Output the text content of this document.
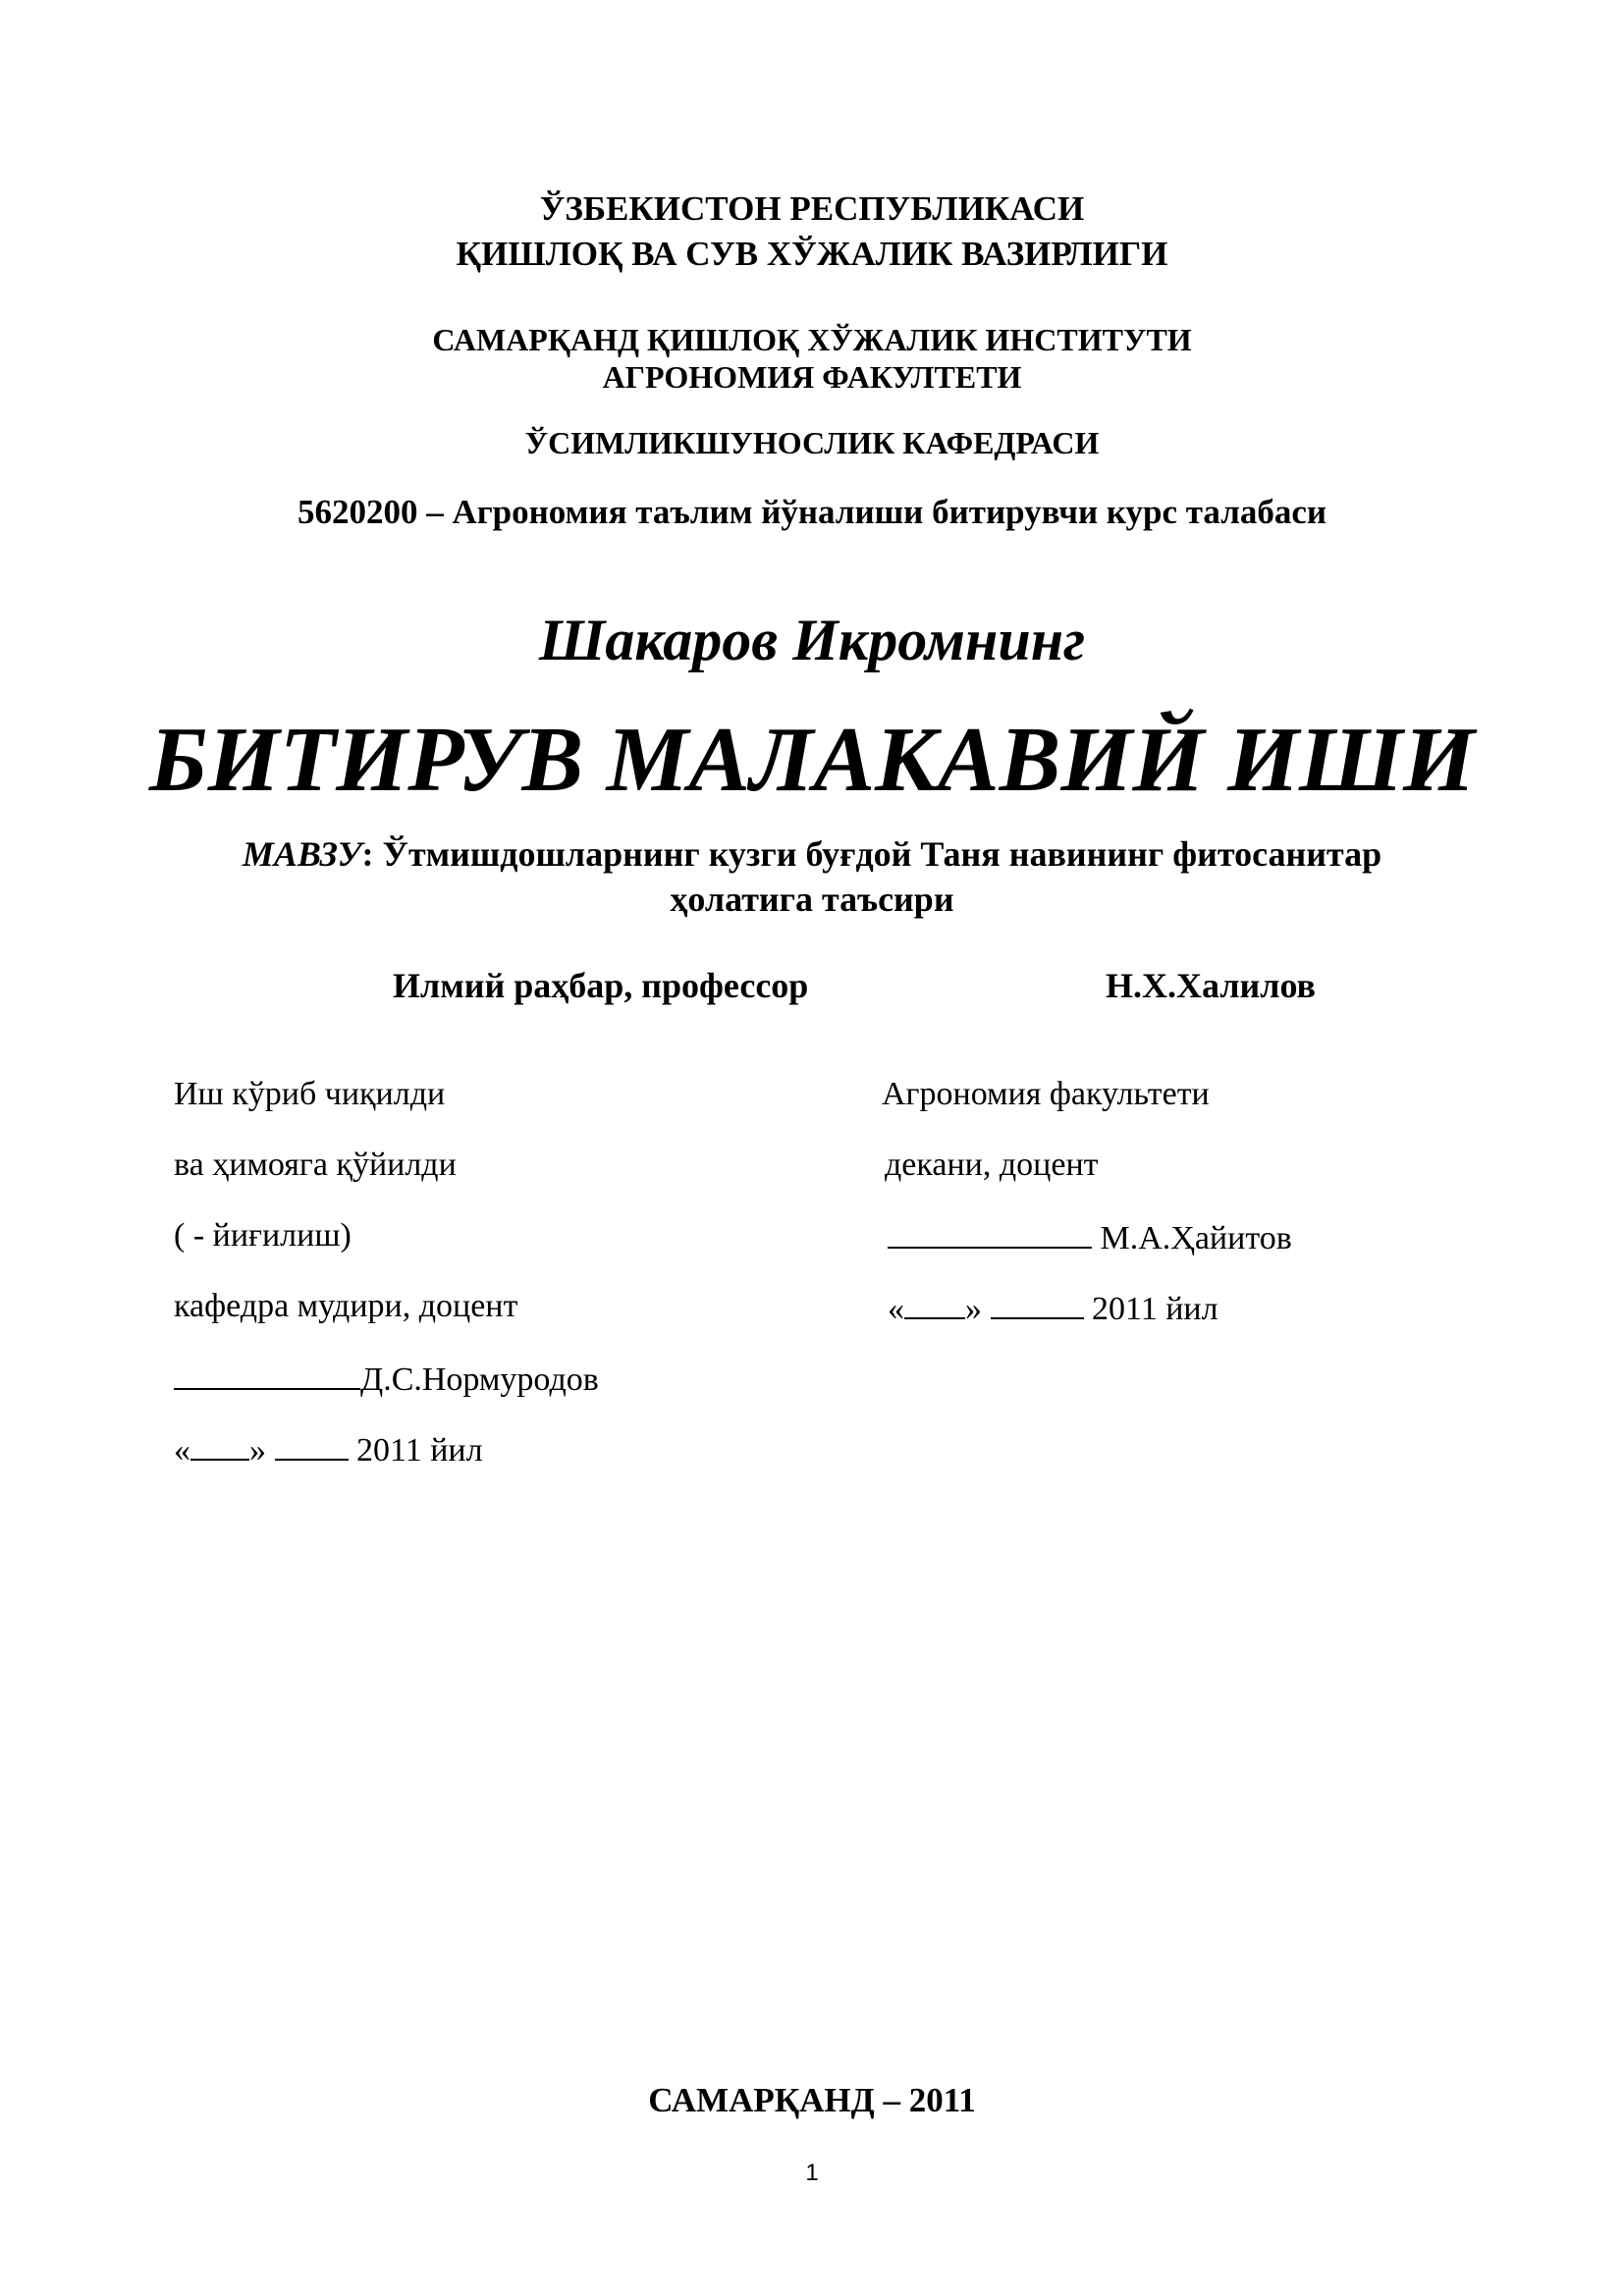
ЎЗБЕКИСТОН РЕСПУБЛИКАСИ
ҚИШЛОҚ ВА СУВ ХЎЖАЛИК ВАЗИРЛИГИ
САМАРҚАНД ҚИШЛОҚ ХЎЖАЛИК ИНСТИТУТИ
АГРОНОМИЯ ФАКУЛТЕТИ
ЎСИМЛИКШУНОСЛИК КАФЕДРАСИ
5620200 – Агрономия таълим йўналиши битирувчи курс талабаси
Шакаров Икромнинг
БИТИРУВ МАЛАКАВИЙ ИШИ
МАВЗУ: Ўтмишдошларнинг кузги буғдой Таня навининг фитосанитар
ҳолатига таъсири
Илмий раҳбар, профессор	Н.Х.Халилов
Иш кўриб чиқилди
ва ҳимояга қўйилди
( - йиғилиш)
кафедра мудири, доцент
Д.С.Нормуродов
« »	2011 йил
Агрономия факультети
декани, доцент
М.А.Ҳайитов
« »	2011 йил
САМАРҚАНД – 2011
1
